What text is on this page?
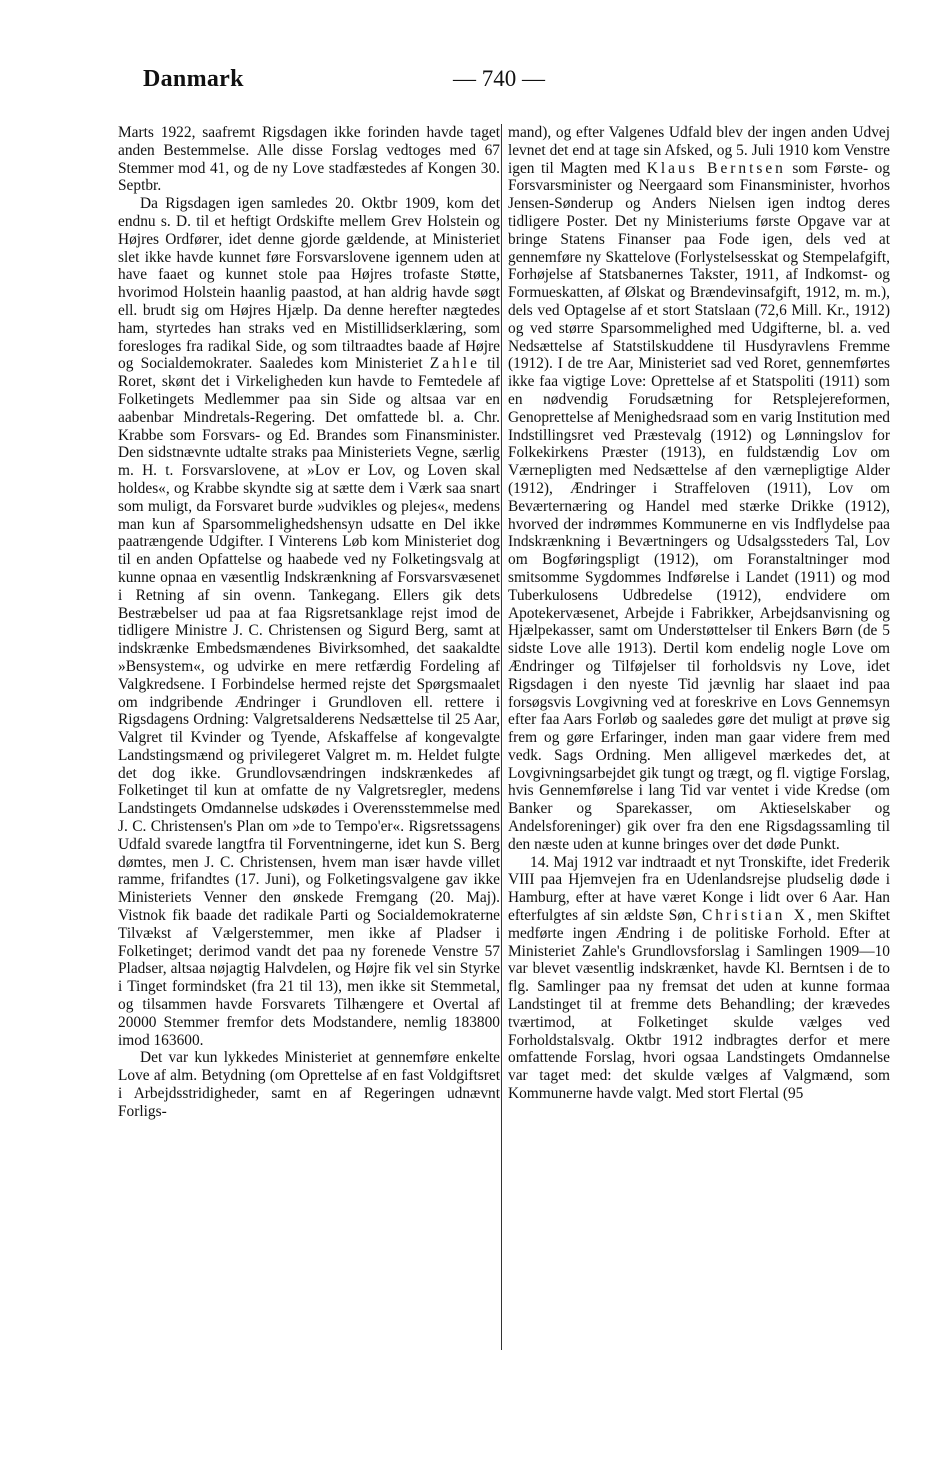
Danmark	— 740 —

Marts 1922, saafremt Rigsdagen ikke forinden havde taget anden Bestemmelse. Alle disse Forslag vedtoges med 67 Stemmer mod 41, og de ny Love stadfæstedes af Kongen 30. Septbr.

Da Rigsdagen igen samledes 20. Oktbr 1909, kom det endnu s. D. til et heftigt Ordskifte mellem Grev Holstein og Højres Ordfører, idet denne gjorde gældende, at Ministeriet slet ikke havde kunnet føre Forsvarslovene igennem uden at have faaet og kunnet stole paa Højres trofaste Støtte, hvorimod Holstein haanlig paastod, at han aldrig havde søgt ell. brudt sig om Højres Hjælp. Da denne herefter nægtedes ham, styrtedes han straks ved en Mistillidserklæring, som foresloges fra radikal Side, og som tiltraadtes baade af Højre og Socialdemokrater. Saaledes kom Ministeriet Zahle til Roret, skønt det i Virkeligheden kun havde to Femtedele af Folketingets Medlemmer paa sin Side og altsaa var en aabenbar Mindretals-Regering. Det omfattede bl. a. Chr. Krabbe som Forsvars- og Ed. Brandes som Finansminister. Den sidstnævnte udtalte straks paa Ministeriets Vegne, særlig m. H. t. Forsvarslovene, at »Lov er Lov, og Loven skal holdes«, og Krabbe skyndte sig at sætte dem i Værk saa snart som muligt, da Forsvaret burde »udvikles og plejes«, medens man kun af Sparsommelighedshensyn udsatte en Del ikke paatrængende Udgifter. I Vinterens Løb kom Ministeriet dog til en anden Opfattelse og haabede ved ny Folketingsvalg at kunne opnaa en væsentlig Indskrænkning af Forsvarsvæsenet i Retning af sin ovenn. Tankegang. Ellers gik dets Bestræbelser ud paa at faa Rigsretsanklage rejst imod de tidligere Ministre J. C. Christensen og Sigurd Berg, samt at indskrænke Embedsmændenes Bivirksomhed, det saakaldte »Bensystem«, og udvirke en mere retfærdig Fordeling af Valgkredsene. I Forbindelse hermed rejste det Spørgsmaalet om indgribende Ændringer i Grundloven ell. rettere i Rigsdagens Ordning: Valgretsalderens Nedsættelse til 25 Aar, Valgret til Kvinder og Tyende, Afskaffelse af kongevalgte Landstingsmænd og privilegeret Valgret m. m. Heldet fulgte det dog ikke. Grundlovsændringen indskrænkedes af Folketinget til kun at omfatte de ny Valgretsregler, medens Landstingets Omdannelse udskødes i Overensstemmelse med J. C. Christensen's Plan om »de to Tempo'er«. Rigsretssagens Udfald svarede langtfra til Forventningerne, idet kun S. Berg dømtes, men J. C. Christensen, hvem man især havde villet ramme, frifandtes (17. Juni), og Folketingsvalgene gav ikke Ministeriets Venner den ønskede Fremgang (20. Maj). Vistnok fik baade det radikale Parti og Socialdemokraterne Tilvækst af Vælgerstemmer, men ikke af Pladser i Folketinget; derimod vandt det paa ny forenede Venstre 57 Pladser, altsaa nøjagtig Halvdelen, og Højre fik vel sin Styrke i Tinget formindsket (fra 21 til 13), men ikke sit Stemmetal, og tilsammen havde Forsvarets Tilhængere et Overtal af 20000 Stemmer fremfor dets Modstandere, nemlig 183800 imod 163600.

Det var kun lykkedes Ministeriet at gennemføre enkelte Love af alm. Betydning (om Oprettelse af en fast Voldgiftsret i Arbejdsstridigheder, samt en af Regeringen udnævnt Forligs-

mand), og efter Valgenes Udfald blev der ingen anden Udvej levnet det end at tage sin Afsked, og 5. Juli 1910 kom Venstre igen til Magten med Klaus Berntsen som Første- og Forsvarsminister og Neergaard som Finansminister, hvorhos Jensen-Sønderup og Anders Nielsen igen indtog deres tidligere Poster. Det ny Ministeriums første Opgave var at bringe Statens Finanser paa Fode igen, dels ved at gennemføre ny Skattelove (Forlystelsesskat og Stempelafgift, Forhøjelse af Statsbanernes Takster, 1911, af Indkomst- og Formueskatten, af Ølskat og Brændevinsafgift, 1912, m. m.), dels ved Optagelse af et stort Statslaan (72,6 Mill. Kr., 1912) og ved større Sparsommelighed med Udgifterne, bl. a. ved Nedsættelse af Statstilskuddene til Husdyravlens Fremme (1912). I de tre Aar, Ministeriet sad ved Roret, gennemførtes ikke faa vigtige Love: Oprettelse af et Statspoliti (1911) som en nødvendig Forudsætning for Retsplejereformen, Genoprettelse af Menighedsraad som en varig Institution med Indstillingsret ved Præstevalg (1912) og Lønningslov for Folkekirkens Præster (1913), en fuldstændig Lov om Værnepligten med Nedsættelse af den værnepligtige Alder (1912), Ændringer i Straffeloven (1911), Lov om Beværternæring og Handel med stærke Drikke (1912), hvorved der indrømmes Kommunerne en vis Indflydelse paa Indskrænkning i Beværtningers og Udsalgssteders Tal, Lov om Bogføringspligt (1912), om Foranstaltninger mod smitsomme Sygdommes Indførelse i Landet (1911) og mod Tuberkulosens Udbredelse (1912), endvidere om Apotekervæsenet, Arbejde i Fabrikker, Arbejdsanvisning og Hjælpekasser, samt om Understøttelser til Enkers Børn (de 5 sidste Love alle 1913). Dertil kom endelig nogle Love om Ændringer og Tilføjelser til forholdsvis ny Love, idet Rigsdagen i den nyeste Tid jævnlig har slaaet ind paa forsøgsvis Lovgivning ved at foreskrive en Lovs Gennemsyn efter faa Aars Forløb og saaledes gøre det muligt at prøve sig frem og gøre Erfaringer, inden man gaar videre frem med vedk. Sags Ordning. Men alligevel mærkedes det, at Lovgivningsarbejdet gik tungt og trægt, og fl. vigtige Forslag, hvis Gennemførelse i lang Tid var ventet i vide Kredse (om Banker og Sparekasser, om Aktieselskaber og Andelsforeninger) gik over fra den ene Rigsdagssamling til den næste uden at kunne bringes over det døde Punkt.

14. Maj 1912 var indtraadt et nyt Tronskifte, idet Frederik VIII paa Hjemvejen fra en Udenlandsrejse pludselig døde i Hamburg, efter at have været Konge i lidt over 6 Aar. Han efterfulgtes af sin ældste Søn, Christian X, men Skiftet medførte ingen Ændring i de politiske Forhold. Efter at Ministeriet Zahle's Grundlovsforslag i Samlingen 1909—10 var blevet væsentlig indskrænket, havde Kl. Berntsen i de to flg. Samlinger paa ny fremsat det uden at kunne formaa Landstinget til at fremme dets Behandling; der krævedes tværtimod, at Folketinget skulde vælges ved Forholdstalsvalg. Oktbr 1912 indbragtes derfor et mere omfattende Forslag, hvori ogsaa Landstingets Omdannelse var taget med: det skulde vælges af Valgmænd, som Kommunerne havde valgt. Med stort Flertal (95
